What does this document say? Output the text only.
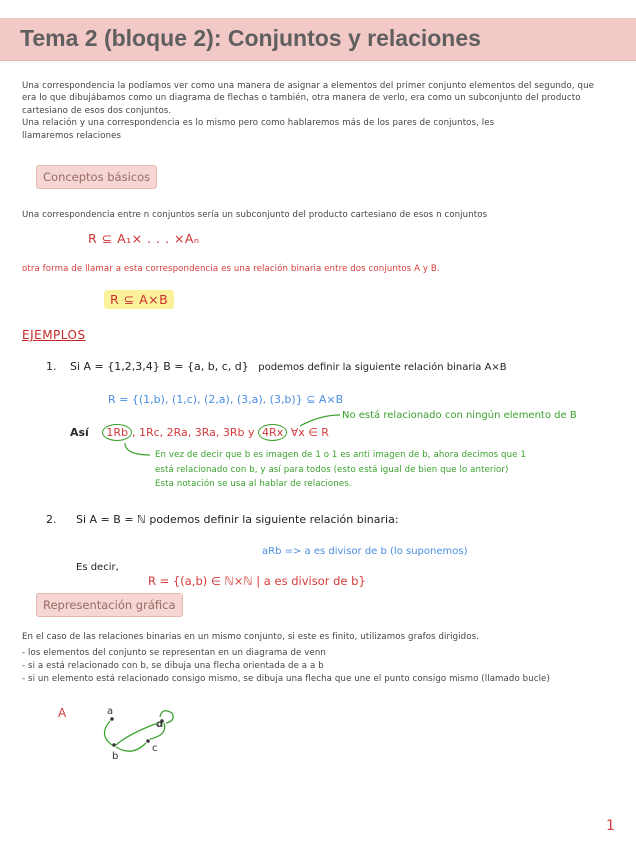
Tema 2 (bloque 2): Conjuntos y relaciones
Una correspondencia la podíamos ver como una manera de asignar a elementos del primer conjunto elementos del segundo, que
era lo que dibujábamos como un diagrama de flechas o también, otra manera de verlo, era como un subconjunto del producto
cartesiano de esos dos conjuntos.
Una relación y una correspondencia es lo mismo pero como hablaremos más de los pares de conjuntos, les
llamaremos relaciones
Conceptos básicos
Una correspondencia entre n conjuntos sería un subconjunto del producto cartesiano de esos n conjuntos
R ⊆ A₁× . . . ×Aₙ
otra forma de llamar a esta correspondencia es una relación binaria entre dos conjuntos A y B.
R ⊆ A×B
EJEMPLOS
1. Si A = {1,2,3,4} B = {a, b, c, d} podemos definir la siguiente relación binaria A×B
R = {(1,b), (1,c), (2,a), (3,a), (3,b)} ⊆ A×B
No está relacionado con ningún elemento de B
Así 1Rb , 1Rc, 2Ra, 3Ra, 3Rb y 4Rx ∀x ∈ R
En vez de decir que b es imagen de 1 o 1 es anti imagen de b, ahora decimos que 1
está relacionado con b, y así para todos (esto está igual de bien que lo anterior)
Esta notación se usa al hablar de relaciones.
2. Si A = B = ℕ podemos definir la siguiente relación binaria:
aRb => a es divisor de b (lo suponemos)
Es decir,
R = {(a,b) ∈ ℕ×ℕ | a es divisor de b}
Representación gráfica
En el caso de las relaciones binarias en un mismo conjunto, si este es finito, utilizamos grafos dirigidos.
- los elementos del conjunto se representan en un diagrama de venn
- si a está relacionado con b, se dibuja una flecha orientada de a a b
- si un elemento está relacionado consigo mismo, se dibuja una flecha que une el punto consigo mismo (llamado bucle)
A	a
b
c
d
1
